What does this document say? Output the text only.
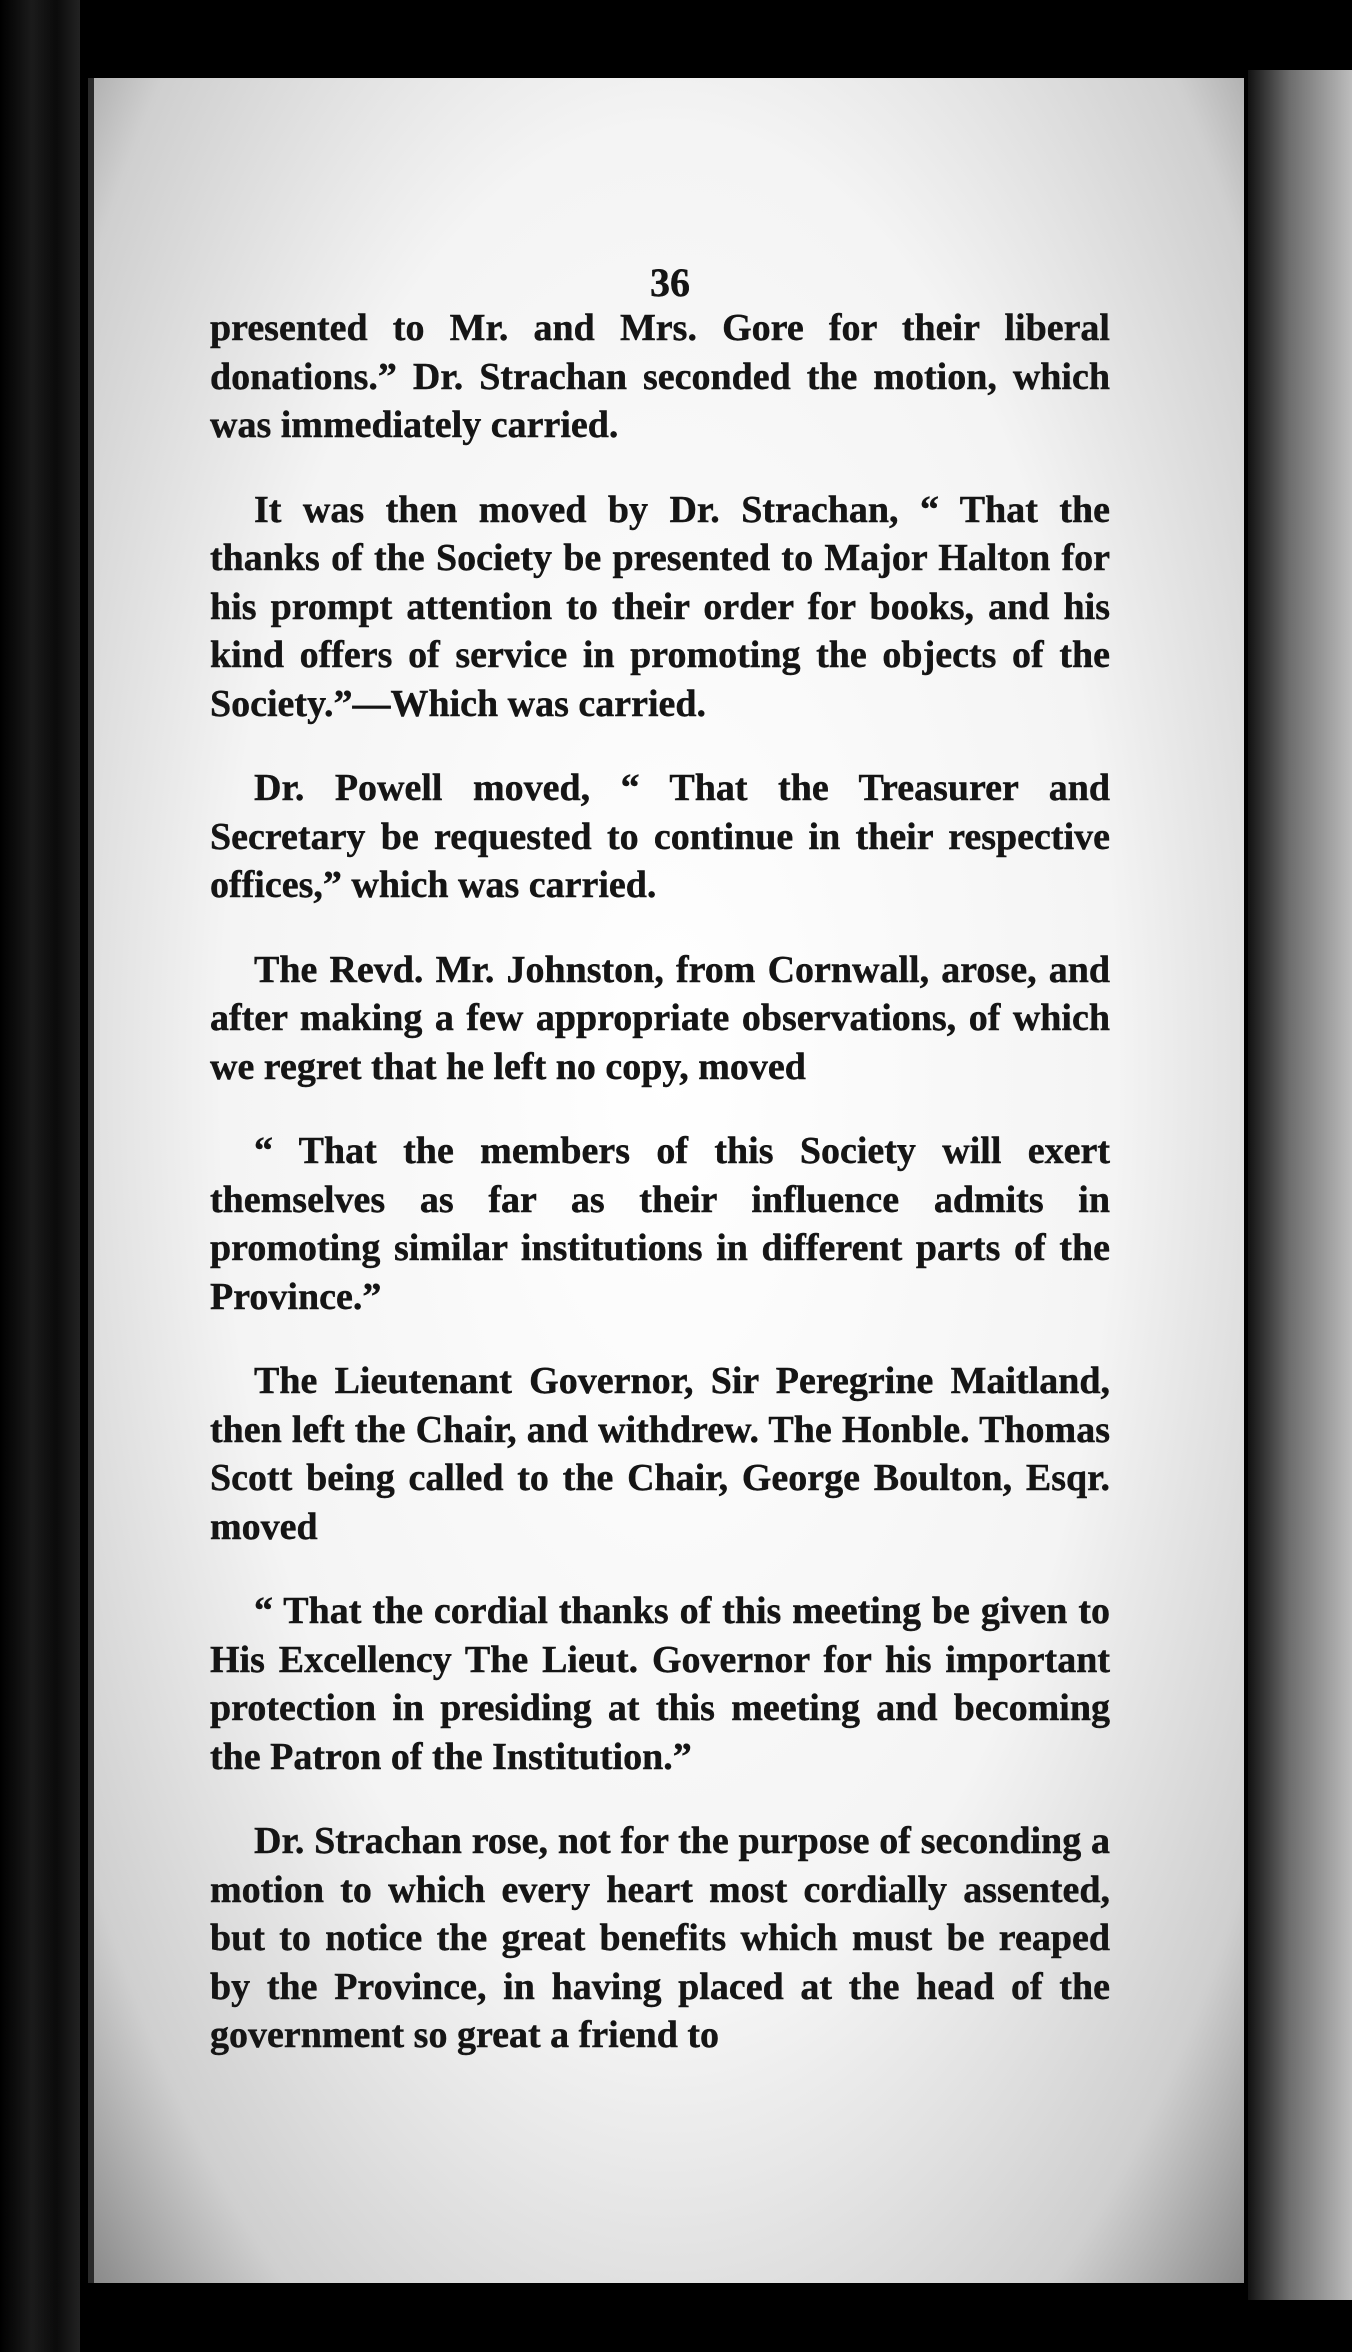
36

presented to Mr. and Mrs. Gore for their liberal donations.” Dr. Strachan seconded the motion, which was immediately carried.

It was then moved by Dr. Strachan, “ That the thanks of the Society be presented to Major Halton for his prompt attention to their order for books, and his kind offers of service in promoting the objects of the Society.”—Which was carried.

Dr. Powell moved, “ That the Treasurer and Secretary be requested to continue in their respective offices,” which was carried.

The Revd. Mr. Johnston, from Cornwall, arose, and after making a few appropriate observations, of which we regret that he left no copy, moved

“ That the members of this Society will exert themselves as far as their influence admits in promoting similar institutions in different parts of the Province.”

The Lieutenant Governor, Sir Peregrine Maitland, then left the Chair, and withdrew. The Honble. Thomas Scott being called to the Chair, George Boulton, Esqr. moved

“ That the cordial thanks of this meeting be given to His Excellency The Lieut. Governor for his important protection in presiding at this meeting and becoming the Patron of the Institution.”

Dr. Strachan rose, not for the purpose of seconding a motion to which every heart most cordially assented, but to notice the great benefits which must be reaped by the Province, in having placed at the head of the government so great a friend to
